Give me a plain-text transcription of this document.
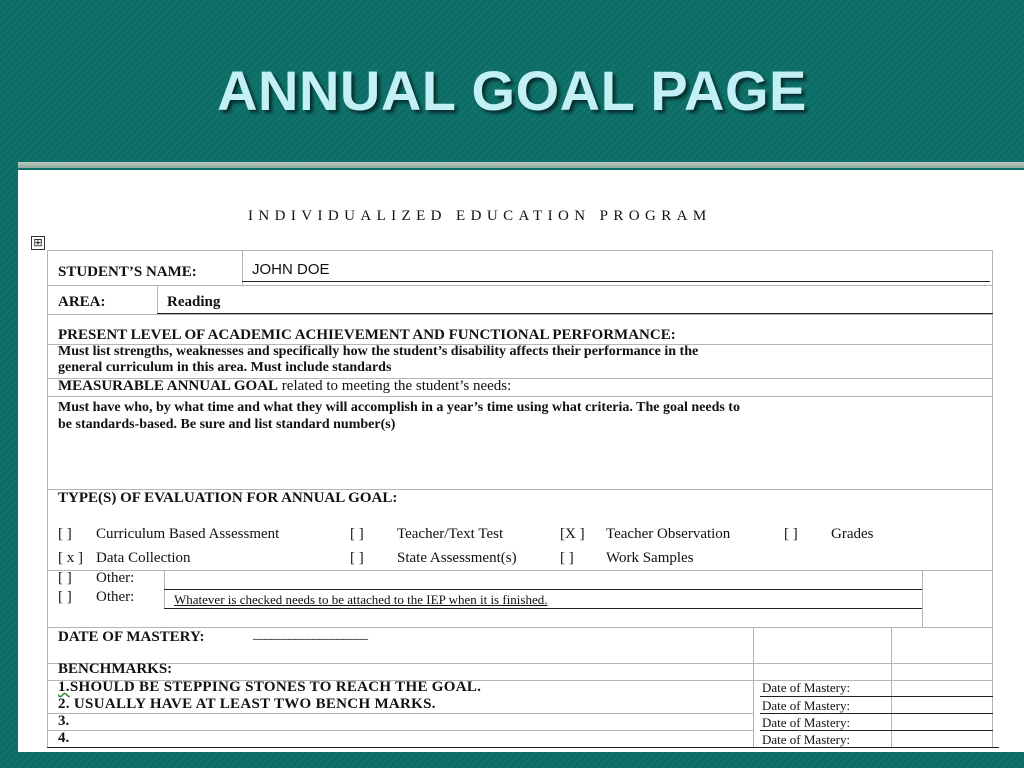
ANNUAL GOAL PAGE
INDIVIDUALIZED EDUCATION PROGRAM
⊞
STUDENT’S NAME:	JOHN DOE
AREA:	Reading
PRESENT LEVEL OF ACADEMIC ACHIEVEMENT AND FUNCTIONAL PERFORMANCE:
Must list strengths, weaknesses and specifically how the student’s disability affects their performance in the
general curriculum in this area. Must include standards
MEASURABLE ANNUAL GOAL related to meeting the student’s needs:
Must have who, by what time and what they will accomplish in a year’s time using what criteria. The goal needs to
be standards-based. Be sure and list standard number(s)
TYPE(S) OF EVALUATION FOR ANNUAL GOAL:
[ ] Curriculum Based Assessment	[ ] Teacher/Text Test	[X ] Teacher Observation	[ ] Grades
[ x ] Data Collection	[ ] State Assessment(s)	[ ] Work Samples
[ ] Other:
[ ] Other:	Whatever is checked needs to be attached to the IEP when it is finished.
DATE OF MASTERY:	___________________
BENCHMARKS:
1.SHOULD BE STEPPING STONES TO REACH THE GOAL.	Date of Mastery:
2. USUALLY HAVE AT LEAST TWO BENCH MARKS.	Date of Mastery:
3.	Date of Mastery:
4.	Date of Mastery:
